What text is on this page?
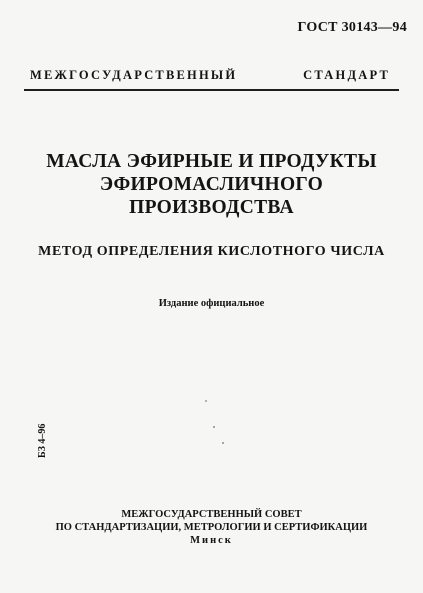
ГОСТ 30143—94
МЕЖГОСУДАРСТВЕННЫЙ СТАНДАРТ
МАСЛА ЭФИРНЫЕ И ПРОДУКТЫ
ЭФИРОМАСЛИЧНОГО
ПРОИЗВОДСТВА
МЕТОД ОПРЕДЕЛЕНИЯ КИСЛОТНОГО ЧИСЛА
Издание официальное
БЗ 4–96
МЕЖГОСУДАРСТВЕННЫЙ СОВЕТ
ПО СТАНДАРТИЗАЦИИ, МЕТРОЛОГИИ И СЕРТИФИКАЦИИ
Минск
